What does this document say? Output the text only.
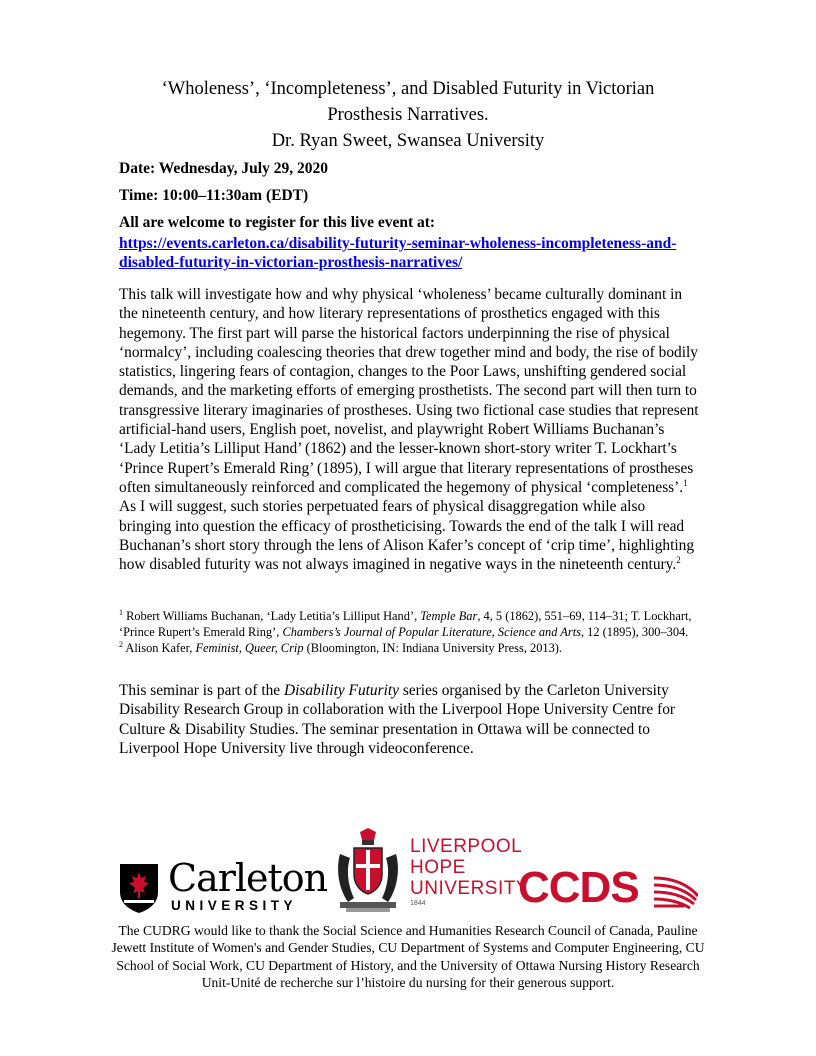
‘Wholeness’, ‘Incompleteness’, and Disabled Futurity in Victorian
Prosthesis Narratives.
Dr. Ryan Sweet, Swansea University
Date: Wednesday, July 29, 2020
Time: 10:00–11:30am (EDT)
All are welcome to register for this live event at:
https://events.carleton.ca/disability-futurity-seminar-wholeness-incompleteness-and-
disabled-futurity-in-victorian-prosthesis-narratives/

This talk will investigate how and why physical ‘wholeness’ became culturally dominant in the nineteenth century, and how literary representations of prosthetics engaged with this hegemony. The first part will parse the historical factors underpinning the rise of physical ‘normalcy’, including coalescing theories that drew together mind and body, the rise of bodily statistics, lingering fears of contagion, changes to the Poor Laws, unshifting gendered social demands, and the marketing efforts of emerging prosthetists. The second part will then turn to transgressive literary imaginaries of prostheses. Using two fictional case studies that represent artificial-hand users, English poet, novelist, and playwright Robert Williams Buchanan’s ‘Lady Letitia’s Lilliput Hand’ (1862) and the lesser-known short-story writer T. Lockhart’s ‘Prince Rupert’s Emerald Ring’ (1895), I will argue that literary representations of prostheses often simultaneously reinforced and complicated the hegemony of physical ‘completeness’.$^1$ As I will suggest, such stories perpetuated fears of physical disaggregation while also bringing into question the efficacy of prostheticising. Towards the end of the talk I will read Buchanan’s short story through the lens of Alison Kafer’s concept of ‘crip time’, highlighting how disabled futurity was not always imagined in negative ways in the nineteenth century.$^2$

$^1$ Robert Williams Buchanan, ‘Lady Letitia’s Lilliput Hand’, Temple Bar, 4, 5 (1862), 551–69, 114–31; T. Lockhart, ‘Prince Rupert’s Emerald Ring’, Chambers’s Journal of Popular Literature, Science and Arts, 12 (1895), 300–304.

$^2$ Alison Kafer, Feminist, Queer, Crip (Bloomington, IN: Indiana University Press, 2013).

This seminar is part of the Disability Futurity series organised by the Carleton University Disability Research Group in collaboration with the Liverpool Hope University Centre for Culture & Disability Studies. The seminar presentation in Ottawa will be connected to Liverpool Hope University live through videoconference.

Carleton
UNIVERSITY
LIVERPOOL
HOPE
UNIVERSITY
1844	CCDS

The CUDRG would like to thank the Social Science and Humanities Research Council of Canada, Pauline Jewett Institute of Women's and Gender Studies, CU Department of Systems and Computer Engineering, CU School of Social Work, CU Department of History, and the University of Ottawa Nursing History Research Unit-Unité de recherche sur l’histoire du nursing for their generous support.
